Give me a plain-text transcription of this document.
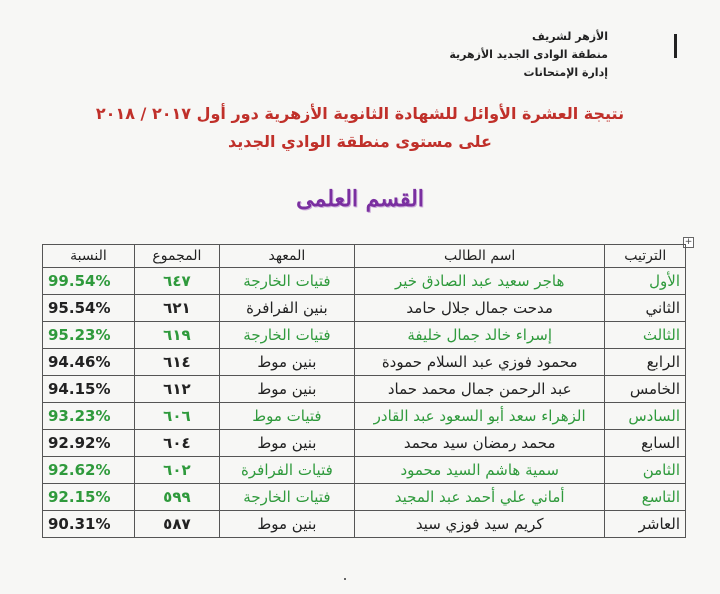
الأزهر لشريف
منطقة الوادى الجديد الأزهرية
إدارة الإمتحانات
نتيجة العشرة الأوائل للشهادة الثانوية الأزهرية دور أول ٢٠١٧ / ٢٠١٨
على مستوى منطقة الوادي الجديد
القسم العلمى
+
الترتيب	اسم الطالب	المعهد	المجموع	النسبة
الأول	هاجر سعيد عبد الصادق خير	فتيات الخارجة	٦٤٧	99.54%
الثاني	مدحت جمال جلال حامد	بنين الفرافرة	٦٢١	95.54%
الثالث	إسراء خالد جمال خليفة	فتيات الخارجة	٦١٩	95.23%
الرابع	محمود فوزي عبد السلام حمودة	بنين موط	٦١٤	94.46%
الخامس	عبد الرحمن جمال محمد حماد	بنين موط	٦١٢	94.15%
السادس	الزهراء سعد أبو السعود عبد القادر	فتيات موط	٦٠٦	93.23%
السابع	محمد رمضان سيد محمد	بنين موط	٦٠٤	92.92%
الثامن	سمية هاشم السيد محمود	فتيات الفرافرة	٦٠٢	92.62%
التاسع	أماني علي أحمد عبد المجيد	فتيات الخارجة	٥٩٩	92.15%
العاشر	كريم سيد فوزي سيد	بنين موط	٥٨٧	90.31%
